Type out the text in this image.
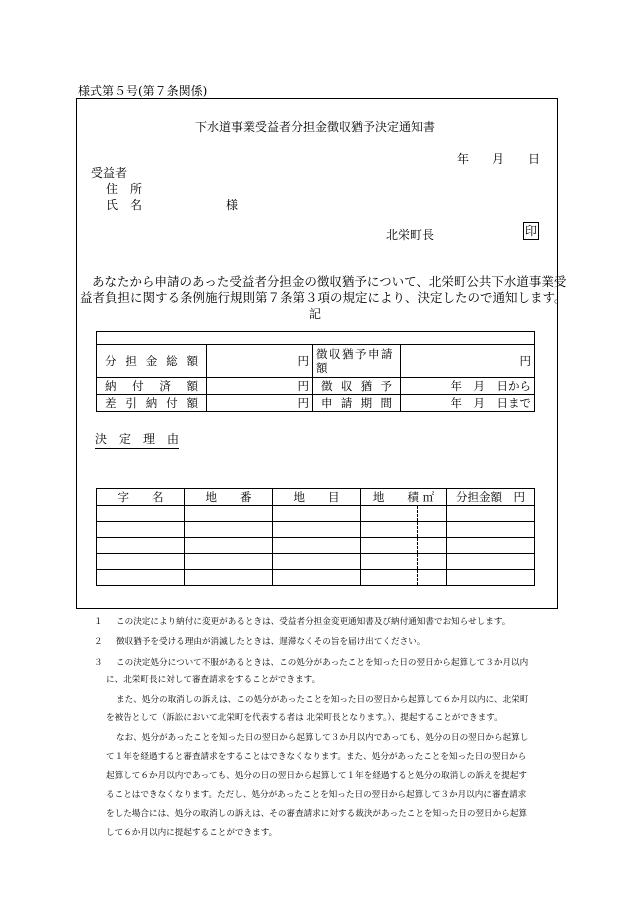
様式第５号(第７条関係)
下水道事業受益者分担金徴収猶予決定通知書
年 月 日
受益者
住　所
氏　名	様
北栄町長	印
あなたから申請のあった受益者分担金の徴収猶予について、北栄町公共下水道事業受
益者負担に関する条例施行規則第７条第３項の規定により、決定したので通知します。
記

分担金総額	円	徴収猶予申請額	円
納付済額	円	徴収猶予	年　月　日から
差引納付額	円	申請期間	年　月　日まで
決　定　理　由
字　　名	地　　番	地　　目	地　　積 ㎡	分担金額　円

１ この決定により納付に変更があるときは、受益者分担金変更通知書及び納付通知書でお知らせします。
２ 徴収猶予を受ける理由が消滅したときは、遅滞なくその旨を届け出てください。
３ この決定処分について不服があるときは、この処分があったことを知った日の翌日から起算して３か月以内
に、北栄町長に対して審査請求をすることができます。
また、処分の取消しの訴えは、この処分があったことを知った日の翌日から起算して６か月以内に、北栄町
を被告として（訴訟において北栄町を代表する者は 北栄町長となります。）、提起することができます。
なお、処分があったことを知った日の翌日から起算して３か月以内であっても、処分の日の翌日から起算し
て１年を経過すると審査請求をすることはできなくなります。また、処分があったことを知った日の翌日から
起算して６か月以内であっても、処分の日の翌日から起算して１年を経過すると処分の取消しの訴えを提起す
ることはできなくなります。ただし、処分があったことを知った日の翌日から起算して３か月以内に審査請求
をした場合には、処分の取消しの訴えは、その審査請求に対する裁決があったことを知った日の翌日から起算
して６か月以内に提起することができます。
